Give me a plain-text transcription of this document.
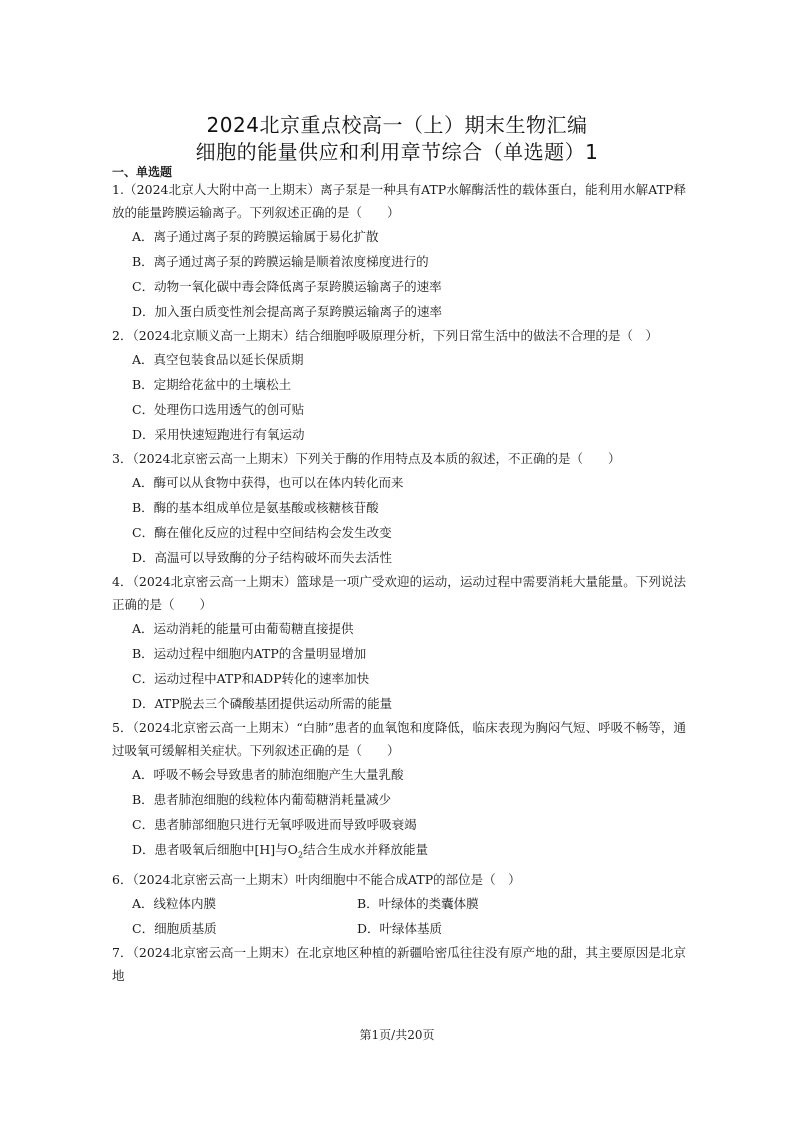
2024北京重点校高一（上）期末生物汇编
细胞的能量供应和利用章节综合（单选题）1
一、单选题

1.（2024北京人大附中高一上期末）离子泵是一种具有ATP水解酶活性的载体蛋白，能利用水解ATP释放的能量跨膜运输离子。下列叙述正确的是（　　）

A．离子通过离子泵的跨膜运输属于易化扩散
B．离子通过离子泵的跨膜运输是顺着浓度梯度进行的
C．动物一氧化碳中毒会降低离子泵跨膜运输离子的速率
D．加入蛋白质变性剂会提高离子泵跨膜运输离子的速率

2．（2024北京顺义高一上期末）结合细胞呼吸原理分析，下列日常生活中的做法不合理的是（　）

A．真空包装食品以延长保质期
B．定期给花盆中的土壤松土
C．处理伤口选用透气的创可贴
D．采用快速短跑进行有氧运动

3．（2024北京密云高一上期末）下列关于酶的作用特点及本质的叙述，不正确的是（　　）

A．酶可以从食物中获得，也可以在体内转化而来
B．酶的基本组成单位是氨基酸或核糖核苷酸
C．酶在催化反应的过程中空间结构会发生改变
D．高温可以导致酶的分子结构破坏而失去活性

4．（2024北京密云高一上期末）篮球是一项广受欢迎的运动，运动过程中需要消耗大量能量。下列说法正确的是（　　）

A．运动消耗的能量可由葡萄糖直接提供
B．运动过程中细胞内ATP的含量明显增加
C．运动过程中ATP和ADP转化的速率加快
D．ATP脱去三个磷酸基团提供运动所需的能量

5．（2024北京密云高一上期末）“白肺”患者的血氧饱和度降低，临床表现为胸闷气短、呼吸不畅等，通过吸氧可缓解相关症状。下列叙述正确的是（　　）

A．呼吸不畅会导致患者的肺泡细胞产生大量乳酸
B．患者肺泡细胞的线粒体内葡萄糖消耗量减少
C．患者肺部细胞只进行无氧呼吸进而导致呼吸衰竭
D．患者吸氧后细胞中[H]与$O_2$结合生成水并释放能量

6．（2024北京密云高一上期末）叶肉细胞中不能合成ATP的部位是（　）

A．线粒体内膜	B．叶绿体的类囊体膜
C．细胞质基质	D．叶绿体基质

7．（2024北京密云高一上期末）在北京地区种植的新疆哈密瓜往往没有原产地的甜，其主要原因是北京地

第1页/共20页
